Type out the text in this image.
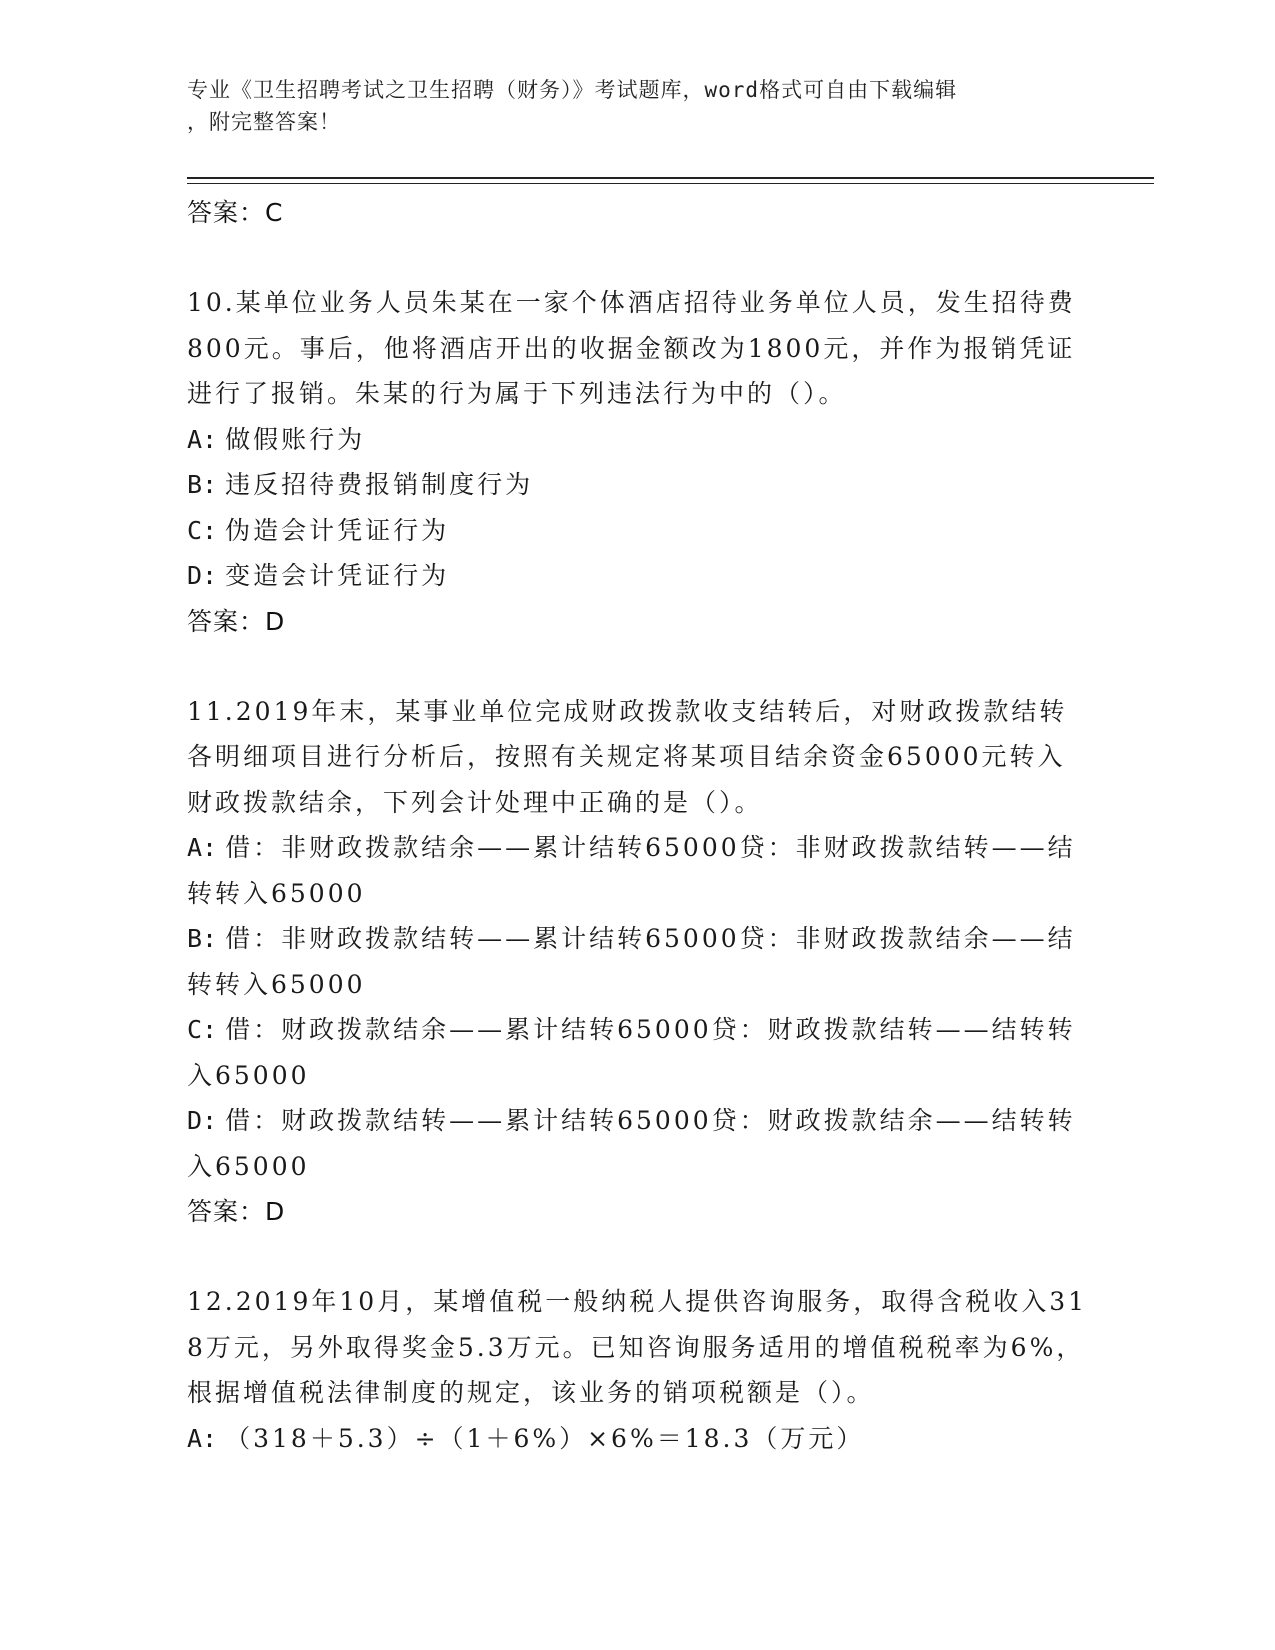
专业《卫生招聘考试之卫生招聘（财务）》考试题库，word格式可自由下载编辑
，附完整答案！
答案：C
10.某单位业务人员朱某在一家个体酒店招待业务单位人员，发生招待费800元。事后，他将酒店开出的收据金额改为1800元，并作为报销凭证进行了报销。朱某的行为属于下列违法行为中的（）。
A: 做假账行为
B: 违反招待费报销制度行为
C: 伪造会计凭证行为
D: 变造会计凭证行为
答案：D
11.2019年末，某事业单位完成财政拨款收支结转后，对财政拨款结转各明细项目进行分析后，按照有关规定将某项目结余资金65000元转入财政拨款结余，下列会计处理中正确的是（）。
A: 借：非财政拨款结余——累计结转65000贷：非财政拨款结转——结转转入65000
B: 借：非财政拨款结转——累计结转65000贷：非财政拨款结余——结转转入65000
C: 借：财政拨款结余——累计结转65000贷：财政拨款结转——结转转入65000
D: 借：财政拨款结转——累计结转65000贷：财政拨款结余——结转转入65000
答案：D
12.2019年10月，某增值税一般纳税人提供咨询服务，取得含税收入318万元，另外取得奖金5.3万元。已知咨询服务适用的增值税税率为6%，根据增值税法律制度的规定，该业务的销项税额是（）。
A: （318＋5.3）÷（1＋6%）×6%＝18.3（万元）
